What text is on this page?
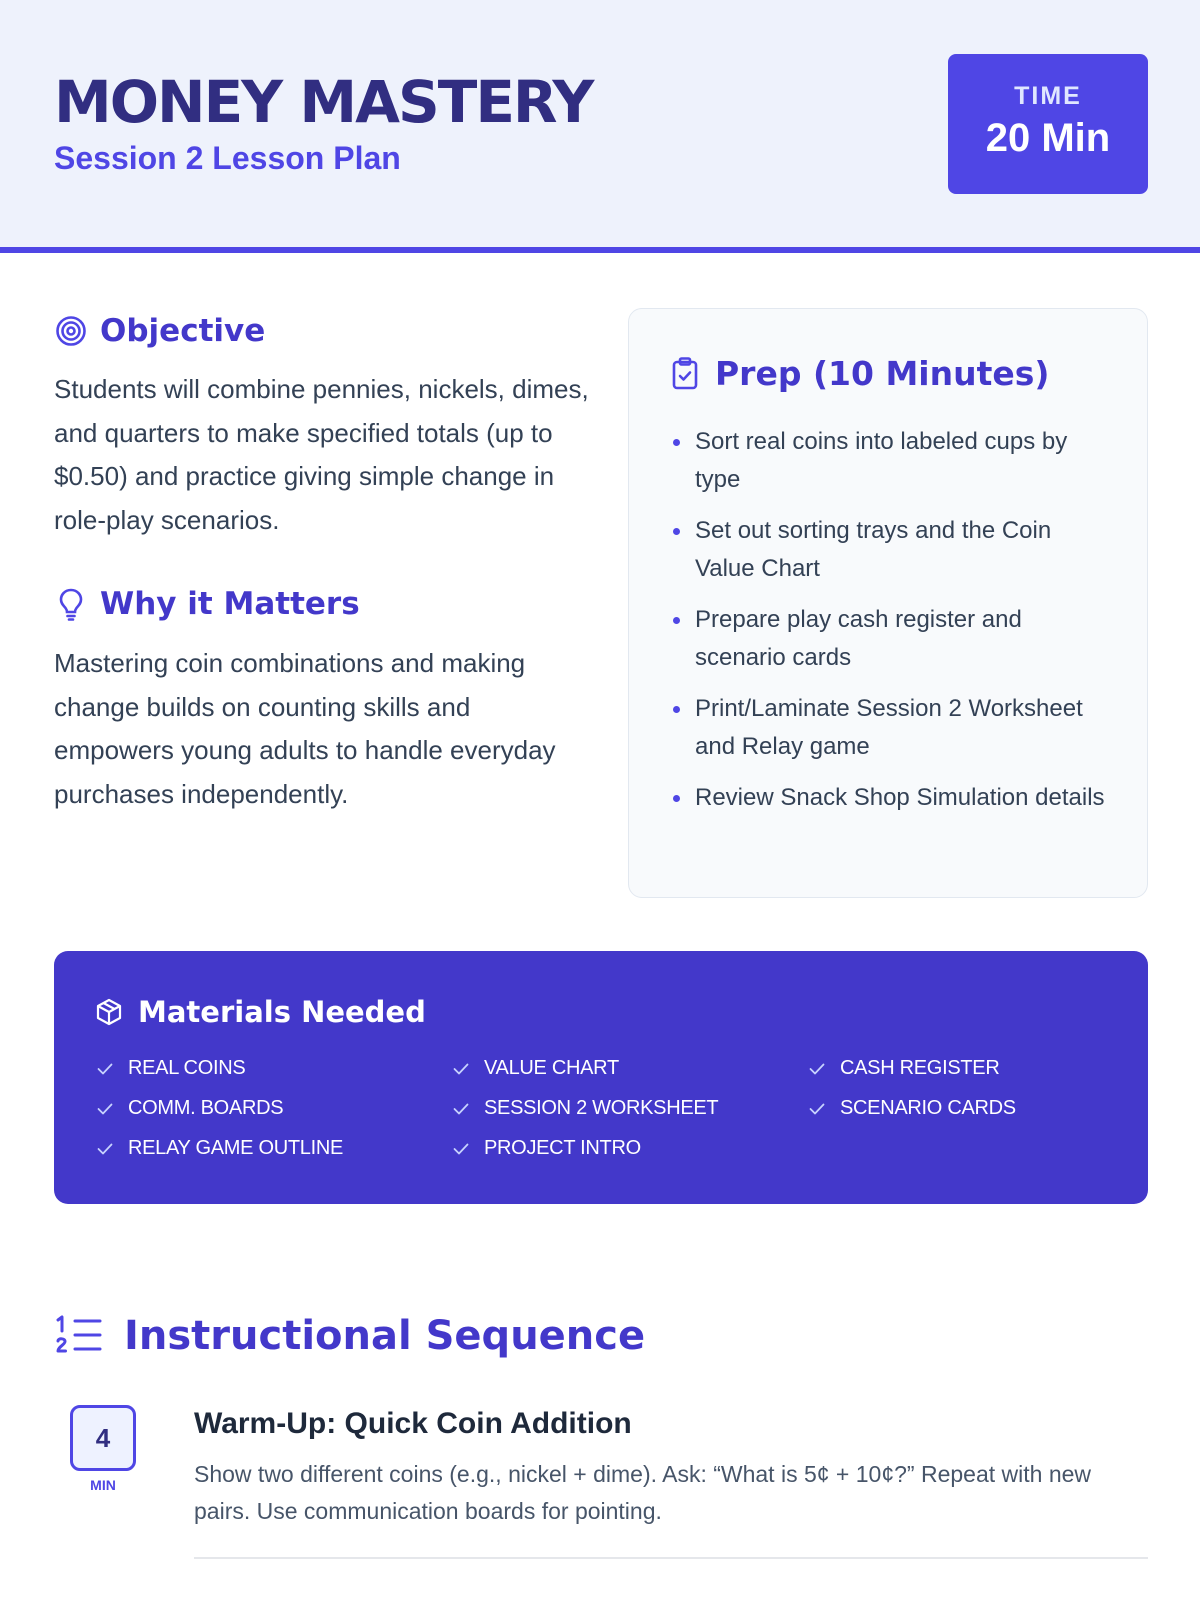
MONEY MASTERY
Session 2 Lesson Plan
TIME
20 Min
Objective

Students will combine pennies, nickels, dimes, and quarters to make specified totals (up to $0.50) and practice giving simple change in role-play scenarios.

Why it Matters

Mastering coin combinations and making change builds on counting skills and empowers young adults to handle everyday purchases independently.

Prep (10 Minutes)
Sort real coins into labeled cups by type
Set out sorting trays and the Coin Value Chart
Prepare play cash register and scenario cards
Print/Laminate Session 2 Worksheet and Relay game
Review Snack Shop Simulation details
Materials Needed
REAL COINS	VALUE CHART	CASH REGISTER
COMM. BOARDS	SESSION 2 WORKSHEET	SCENARIO CARDS
RELAY GAME OUTLINE	PROJECT INTRO
Instructional Sequence
4
MIN
Warm-Up: Quick Coin Addition

Show two different coins (e.g., nickel + dime). Ask: “What is 5¢ + 10¢?” Repeat with new pairs. Use communication boards for pointing.
